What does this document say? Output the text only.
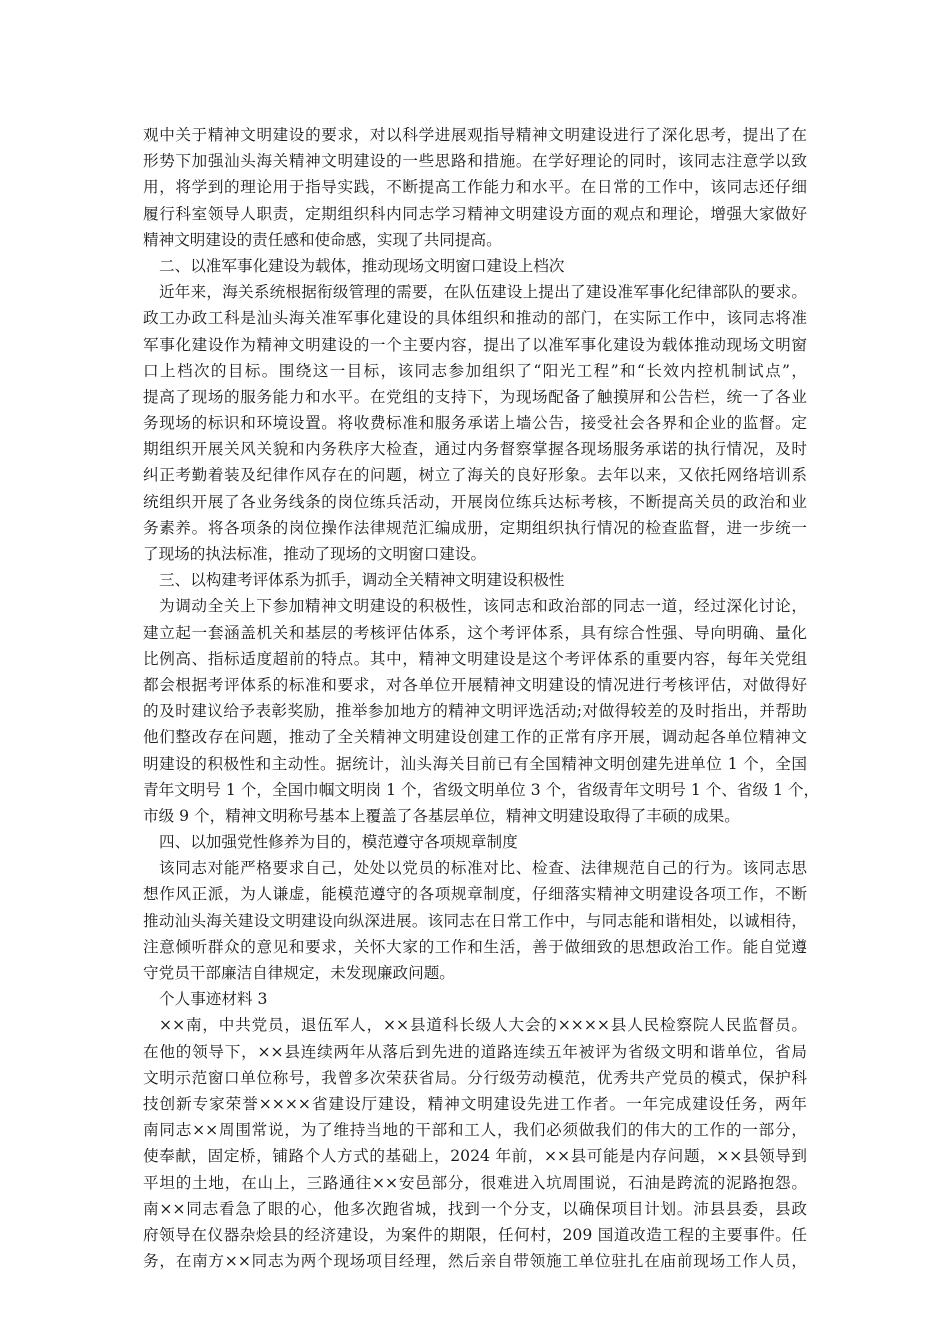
观中关于精神文明建设的要求，对以科学进展观指导精神文明建设进行了深化思考，提出了在
形势下加强汕头海关精神文明建设的一些思路和措施。在学好理论的同时，该同志注意学以致
用，将学到的理论用于指导实践，不断提高工作能力和水平。在日常的工作中，该同志还仔细
履行科室领导人职责，定期组织科内同志学习精神文明建设方面的观点和理论，增强大家做好
精神文明建设的责任感和使命感，实现了共同提高。
二、以准军事化建设为载体，推动现场文明窗口建设上档次
近年来，海关系统根据衔级管理的需要，在队伍建设上提出了建设准军事化纪律部队的要求。
政工办政工科是汕头海关准军事化建设的具体组织和推动的部门，在实际工作中，该同志将准
军事化建设作为精神文明建设的一个主要内容，提出了以准军事化建设为载体推动现场文明窗
口上档次的目标。围绕这一目标，该同志参加组织了“阳光工程”和“长效内控机制试点”，
提高了现场的服务能力和水平。在党组的支持下，为现场配备了触摸屏和公告栏，统一了各业
务现场的标识和环境设置。将收费标准和服务承诺上墙公告，接受社会各界和企业的监督。定
期组织开展关风关貌和内务秩序大检查，通过内务督察掌握各现场服务承诺的执行情况，及时
纠正考勤着装及纪律作风存在的问题，树立了海关的良好形象。去年以来，又依托网络培训系
统组织开展了各业务线条的岗位练兵活动，开展岗位练兵达标考核，不断提高关员的政治和业
务素养。将各项条的岗位操作法律规范汇编成册，定期组织执行情况的检查监督，进一步统一
了现场的执法标准，推动了现场的文明窗口建设。
三、以构建考评体系为抓手，调动全关精神文明建设积极性
为调动全关上下参加精神文明建设的积极性，该同志和政治部的同志一道，经过深化讨论，
建立起一套涵盖机关和基层的考核评估体系，这个考评体系，具有综合性强、导向明确、量化
比例高、指标适度超前的特点。其中，精神文明建设是这个考评体系的重要内容，每年关党组
都会根据考评体系的标准和要求，对各单位开展精神文明建设的情况进行考核评估，对做得好
的及时建议给予表彰奖励，推举参加地方的精神文明评选活动;对做得较差的及时指出，并帮助
他们整改存在问题，推动了全关精神文明建设创建工作的正常有序开展，调动起各单位精神文
明建设的积极性和主动性。据统计，汕头海关目前已有全国精神文明创建先进单位 1 个，全国
青年文明号 1 个，全国巾帼文明岗 1 个，省级文明单位 3 个，省级青年文明号 1 个、省级 1 个，
市级 9 个，精神文明称号基本上覆盖了各基层单位，精神文明建设取得了丰硕的成果。
四、以加强党性修养为目的，模范遵守各项规章制度
该同志对能严格要求自己，处处以党员的标准对比、检查、法律规范自己的行为。该同志思
想作风正派，为人谦虚，能模范遵守的各项规章制度，仔细落实精神文明建设各项工作，不断
推动汕头海关建设文明建设向纵深进展。该同志在日常工作中，与同志能和谐相处，以诚相待，
注意倾听群众的意见和要求，关怀大家的工作和生活，善于做细致的思想政治工作。能自觉遵
守党员干部廉洁自律规定，未发现廉政问题。
个人事迹材料 3
××南，中共党员，退伍军人，××县道科长级人大会的××××县人民检察院人民监督员。
在他的领导下，××县连续两年从落后到先进的道路连续五年被评为省级文明和谐单位，省局
文明示范窗口单位称号，我曾多次荣获省局。分行级劳动模范，优秀共产党员的模式，保护科
技创新专家荣誉××××省建设厅建设，精神文明建设先进工作者。一年完成建设任务，两年
南同志××周围常说，为了维持当地的干部和工人，我们必须做我们的伟大的工作的一部分，
使奉献，固定桥，铺路个人方式的基础上，2024 年前，××县可能是内存问题，××县领导到
平坦的土地，在山上，三路通往××安邑部分，很难进入坑周围说，石油是跨流的泥路抱怨。
南××同志看急了眼的心，他多次跑省城，找到一个分支，以确保项目计划。沛县县委，县政
府领导在仪器杂烩县的经济建设，为案件的期限，任何村，209 国道改造工程的主要事件。任
务，在南方××同志为两个现场项目经理，然后亲自带领施工单位驻扎在庙前现场工作人员，
